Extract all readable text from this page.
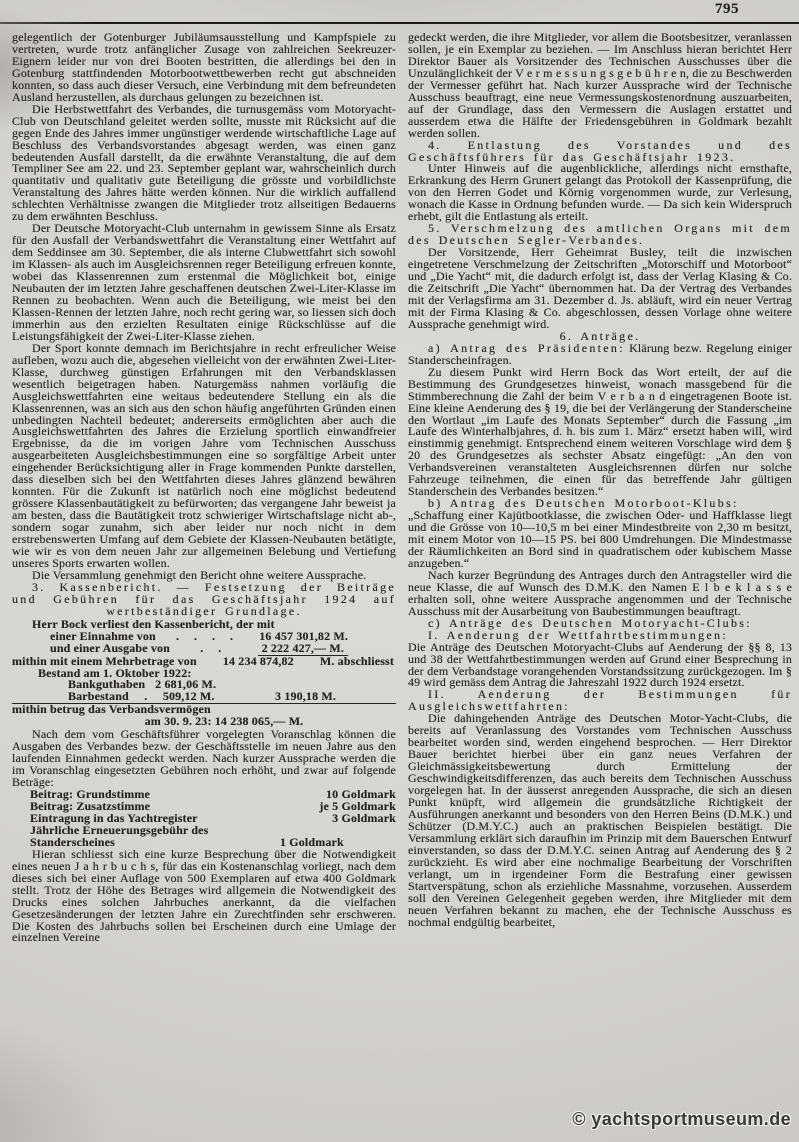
795

gelegentlich der Gotenburger Jubiläumsausstellung und Kampfspiele zu vertreten, wurde trotz anfänglicher Zusage von zahlreichen Seekreuzer-Eignern leider nur von drei Booten bestritten, die allerdings bei den in Gotenburg stattfindenden Motorbootwettbewerben recht gut abschneiden konnten, so dass auch dieser Versuch, eine Verbindung mit dem befreundeten Ausland herzustellen, als durchaus gelungen zu bezeichnen ist.

Die Herbstwettfahrt des Verbandes, die turnusgemäss vom Motoryacht-Club von Deutschland geleitet werden sollte, musste mit Rücksicht auf die gegen Ende des Jahres immer ungünstiger werdende wirtschaftliche Lage auf Beschluss des Verbandsvorstandes abgesagt werden, was einen ganz bedeutenden Ausfall darstellt, da die erwähnte Veranstaltung, die auf dem Templiner See am 22. und 23. September geplant war, wahrscheinlich durch quantitativ und qualitativ gute Beteiligung die grösste und vorbildlichste Veranstaltung des Jahres hätte werden können. Nur die wirklich auffallend schlechten Verhältnisse zwangen die Mitglieder trotz allseitigen Bedauerns zu dem erwähnten Beschluss.

Der Deutsche Motoryacht-Club unternahm in gewissem Sinne als Ersatz für den Ausfall der Verbandswettfahrt die Veranstaltung einer Wettfahrt auf dem Seddinsee am 30. September, die als interne Clubwettfahrt sich sowohl im Klassen- als auch im Ausgleichsrennen reger Beteiligung erfreuen konnte, wobei das Klassenrennen zum erstenmal die Möglichkeit bot, einige Neubauten der im letzten Jahre geschaffenen deutschen Zwei-Liter-Klasse im Rennen zu beobachten. Wenn auch die Beteiligung, wie meist bei den Klassen-Rennen der letzten Jahre, noch recht gering war, so liessen sich doch immerhin aus den erzielten Resultaten einige Rückschlüsse auf die Leistungsfähigkeit der Zwei-Liter-Klasse ziehen.

Der Sport konnte demnach im Berichtsjahre in recht erfreulicher Weise aufleben, wozu auch die, abgesehen vielleicht von der erwähnten Zwei-Liter-Klasse, durchweg günstigen Erfahrungen mit den Verbandsklassen wesentlich beigetragen haben. Naturgemäss nahmen vorläufig die Ausgleichswettfahrten eine weitaus bedeutendere Stellung ein als die Klassenrennen, was an sich aus den schon häufig angeführten Gründen einen unbedingten Nachteil bedeutet; andererseits ermöglichten aber auch die Ausgleichswettfahrten des Jahres die Erzielung sportlich einwandfreier Ergebnisse, da die im vorigen Jahre vom Technischen Ausschuss ausgearbeiteten Ausgleichsbestimmungen eine so sorgfältige Arbeit unter eingehender Berücksichtigung aller in Frage kommenden Punkte darstellen, dass dieselben sich bei den Wettfahrten dieses Jahres glänzend bewähren konnten. Für die Zukunft ist natürlich noch eine möglichst bedeutend grössere Klassenbautätigkeit zu befürworten; das vergangene Jahr beweist ja am besten, dass die Bautätigkeit trotz schwieriger Wirtschaftslage nicht ab-, sondern sogar zunahm, sich aber leider nur noch nicht in dem erstrebenswerten Umfang auf dem Gebiete der Klassen-Neubauten betätigte, wie wir es von dem neuen Jahr zur allgemeinen Belebung und Vertiefung unseres Sports erwarten wollen.

Die Versammlung genehmigt den Bericht ohne weitere Aussprache.

3. Kassenbericht. — Festsetzung der Beiträge und Gebühren für das Geschäftsjahr 1924 auf wertbeständiger Grundlage.

Herr Bock verliest den Kassenbericht, der mit

einer Einnahme von	. . . .	16 457 301,82 M.
und einer Ausgabe von	. .	2 222 427,— M.
mithin mit einem Mehrbetrage von	14 234 874,82	M. abschliesst

Bestand am 1. Oktober 1922:

Bankguthaben 2 681,06 M.
Barbestand	.	509,12 M.	3 190,18 M.

mithin betrug das Verbandsvermögen

am 30. 9. 23: 14 238 065,— M.

Nach dem vom Geschäftsführer vorgelegten Voranschlag können die Ausgaben des Verbandes bezw. der Geschäftsstelle im neuen Jahre aus den laufenden Einnahmen gedeckt werden. Nach kurzer Aussprache werden die im Voranschlag eingesetzten Gebühren noch erhöht, und zwar auf folgende Beträge:

Beitrag: Grundstimme	10 Goldmark
Beitrag: Zusatzstimme	je 5 Goldmark
Eintragung in das Yachtregister	3 Goldmark
Jährliche Erneuerungsgebühr des Standerscheines	1 Goldmark

Hieran schliesst sich eine kurze Besprechung über die Notwendigkeit eines neuen J a h r b u c h s, für das ein Kostenanschlag vorliegt, nach dem dieses sich bei einer Auflage von 500 Exemplaren auf etwa 400 Goldmark stellt. Trotz der Höhe des Betrages wird allgemein die Notwendigkeit des Drucks eines solchen Jahrbuches anerkannt, da die vielfachen Gesetzesänderungen der letzten Jahre ein Zurechtfinden sehr erschweren. Die Kosten des Jahrbuchs sollen bei Erscheinen durch eine Umlage der einzelnen Vereine

gedeckt werden, die ihre Mitglieder, vor allem die Bootsbesitzer, veranlassen sollen, je ein Exemplar zu beziehen. — Im Anschluss hieran berichtet Herr Direktor Bauer als Vorsitzender des Technischen Ausschusses über die Unzulänglichkeit der V e r m e s s u n g s g e b ü h r e n, die zu Beschwerden der Vermesser geführt hat. Nach kurzer Aussprache wird der Technische Ausschuss beauftragt, eine neue Vermessungskostenordnung auszuarbeiten, auf der Grundlage, dass den Vermessern die Auslagen erstattet und ausserdem etwa die Hälfte der Friedensgebühren in Goldmark bezahlt werden sollen.

4. Entlastung des Vorstandes und des Geschäftsführers für das Geschäftsjahr 1923.

Unter Hinweis auf die augenblickliche, allerdings nicht ernsthafte, Erkrankung des Herrn Grunert gelangt das Protokoll der Kassenprüfung, die von den Herren Godet und Körnig vorgenommen wurde, zur Verlesung, wonach die Kasse in Ordnung befunden wurde. — Da sich kein Widerspruch erhebt, gilt die Entlastung als erteilt.

5. Verschmelzung des amtlichen Organs mit dem des Deutschen Segler-Verbandes.

Der Vorsitzende, Herr Geheimrat Busley, teilt die inzwischen eingetretene Verschmelzung der Zeitschriften „Motorschiff und Motorboot“ und „Die Yacht“ mit, die dadurch erfolgt ist, dass der Verlag Klasing & Co. die Zeitschrift „Die Yacht“ übernommen hat. Da der Vertrag des Verbandes mit der Verlagsfirma am 31. Dezember d. Js. abläuft, wird ein neuer Vertrag mit der Firma Klasing & Co. abgeschlossen, dessen Vorlage ohne weitere Aussprache genehmigt wird.

6. Anträge.

a) Antrag des Präsidenten: Klärung bezw. Regelung einiger Standerscheinfragen.

Zu diesem Punkt wird Herrn Bock das Wort erteilt, der auf die Bestimmung des Grundgesetzes hinweist, wonach massgebend für die Stimmberechnung die Zahl der beim V e r b a n d eingetragenen Boote ist. Eine kleine Aenderung des § 19, die bei der Verlängerung der Standerscheine den Wortlaut „im Laufe des Monats September“ durch die Fassung „im Laufe des Winterhalbjahres, d. h. bis zum 1. März“ ersetzt haben will, wird einstimmig genehmigt. Entsprechend einem weiteren Vorschlage wird dem § 20 des Grundgesetzes als sechster Absatz eingefügt: „An den von Verbandsvereinen veranstalteten Ausgleichsrennen dürfen nur solche Fahrzeuge teilnehmen, die einen für das betreffende Jahr gültigen Standerschein des Verbandes besitzen.“

b) Antrag des Deutschen Motorboot-Klubs:

„Schaffung einer Kajütbootklasse, die zwischen Oder- und Haffklasse liegt und die Grösse von 10—10,5 m bei einer Mindestbreite von 2,30 m besitzt, mit einem Motor von 10—15 PS. bei 800 Umdrehungen. Die Mindestmasse der Räumlichkeiten an Bord sind in quadratischem oder kubischem Masse anzugeben.“

Nach kurzer Begründung des Antrages durch den Antragsteller wird die neue Klasse, die auf Wunsch des D.M.K. den Namen E l b e k l a s s e erhalten soll, ohne weitere Aussprache angenommen und der Technische Ausschuss mit der Ausarbeitung von Baubestimmungen beauftragt.

c) Anträge des Deutschen Motoryacht-Clubs:

I. Aenderung der Wettfahrtbestimmungen:

Die Anträge des Deutschen Motoryacht-Clubs auf Aenderung der §§ 8, 13 und 38 der Wettfahrtbestimmungen werden auf Grund einer Besprechung in der dem Verbandstage vorangehenden Vorstandssitzung zurückgezogen. Im § 49 wird gemäss dem Antrag die Jahreszahl 1922 durch 1924 ersetzt.

II. Aenderung der Bestimmungen für Ausgleichswettfahrten:

Die dahingehenden Anträge des Deutschen Motor-Yacht-Clubs, die bereits auf Veranlassung des Vorstandes vom Technischen Ausschuss bearbeitet worden sind, werden eingehend besprochen. — Herr Direktor Bauer berichtet hierbei über ein ganz neues Verfahren der Gleichmässigkeitsbewertung durch Ermittelung der Geschwindigkeitsdifferenzen, das auch bereits dem Technischen Ausschuss vorgelegen hat. In der äusserst anregenden Aussprache, die sich an diesen Punkt knüpft, wird allgemein die grundsätzliche Richtigkeit der Ausführungen anerkannt und besonders von den Herren Beins (D.M.K.) und Schützer (D.M.Y.C.) auch an praktischen Beispielen bestätigt. Die Versammlung erklärt sich daraufhin im Prinzip mit dem Bauerschen Entwurf einverstanden, so dass der D.M.Y.C. seinen Antrag auf Aenderung des § 2 zurückzieht. Es wird aber eine nochmalige Bearbeitung der Vorschriften verlangt, um in irgendeiner Form die Bestrafung einer gewissen Startverspätung, schon als erziehliche Massnahme, vorzusehen. Ausserdem soll den Vereinen Gelegenheit gegeben werden, ihre Mitglieder mit dem neuen Verfahren bekannt zu machen, ehe der Technische Ausschuss es nochmal endgültig bearbeitet,

© yachtsportmuseum.de
